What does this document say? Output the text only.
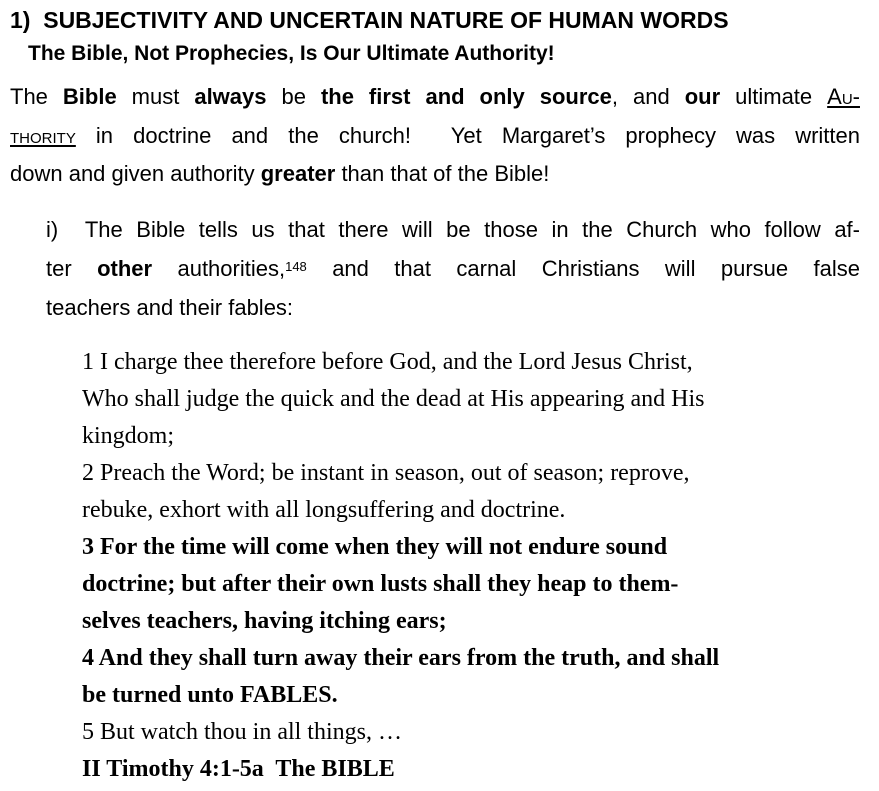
1)  SUBJECTIVITY AND UNCERTAIN NATURE OF HUMAN WORDS
The Bible, Not Prophecies, Is Our Ultimate Authority!
The Bible must always be the first and only source, and our ultimate Au-
thority in doctrine and the church!  Yet Margaret’s prophecy was written
down and given authority greater than that of the Bible!
i)  The Bible tells us that there will be those in the Church who follow af-
ter other authorities,$^{148}$ and that carnal Christians will pursue false
teachers and their fables:
1 I charge thee therefore before God, and the Lord Jesus Christ,
Who shall judge the quick and the dead at His appearing and His
kingdom;
2 Preach the Word; be instant in season, out of season; reprove,
rebuke, exhort with all longsuffering and doctrine.
3 For the time will come when they will not endure sound
doctrine; but after their own lusts shall they heap to them-
selves teachers, having itching ears;
4 And they shall turn away their ears from the truth, and shall
be turned unto FABLES.
5 But watch thou in all things, …
II Timothy 4:1-5a  The BIBLE
